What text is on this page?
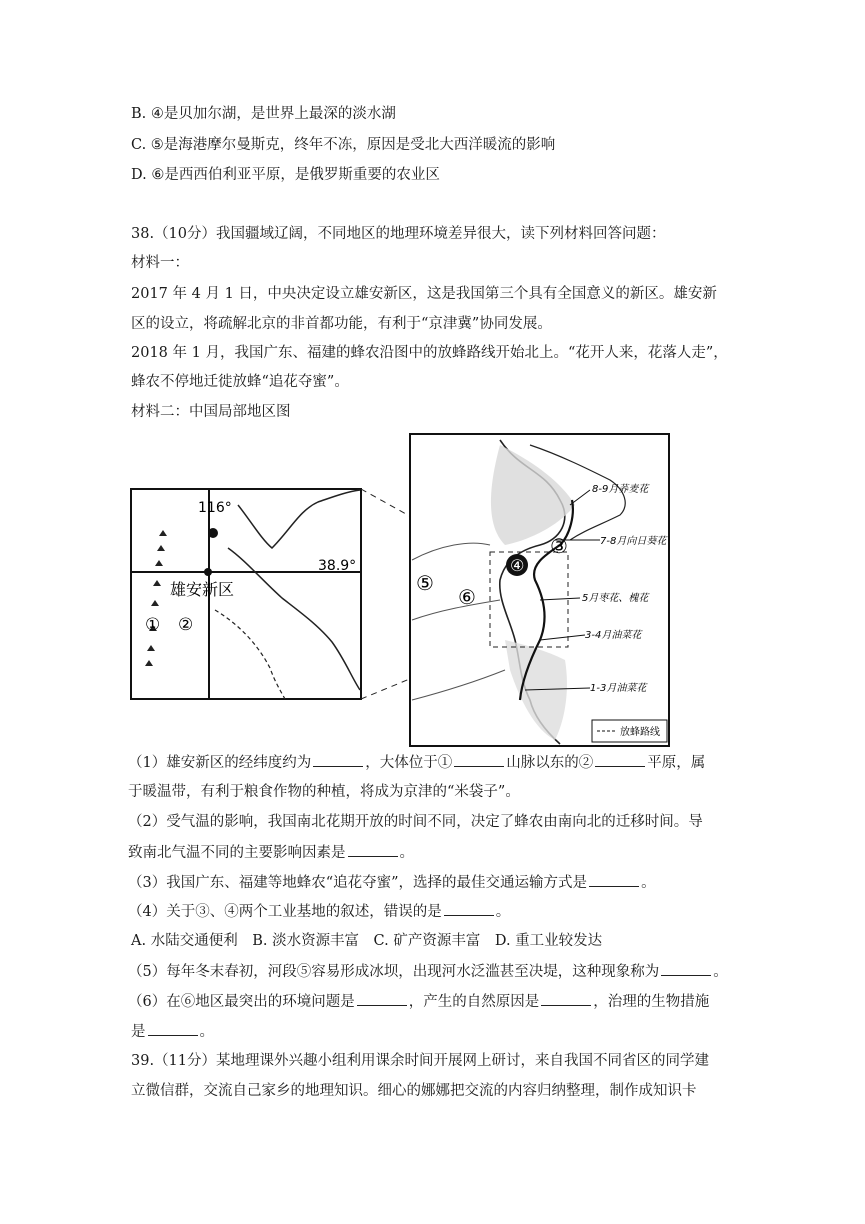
B. ④是贝加尔湖，是世界上最深的淡水湖
C. ⑤是海港摩尔曼斯克，终年不冻，原因是受北大西洋暖流的影响
D. ⑥是西西伯利亚平原，是俄罗斯重要的农业区
38.（10分）我国疆域辽阔，不同地区的地理环境差异很大，读下列材料回答问题：
材料一：
2017 年 4 月 1 日，中央决定设立雄安新区，这是我国第三个具有全国意义的新区。雄安新
区的设立，将疏解北京的非首都功能，有利于“京津冀”协同发展。
2018 年 1 月，我国广东、福建的蜂农沿图中的放蜂路线开始北上。“花开人来，花落人走”，
蜂农不停地迁徙放蜂“追花夺蜜”。
材料二：中国局部地区图
116°
38.9°
雄安新区
① ②
④
③
⑤
⑥
8-9月荞麦花
7-8月向日葵花
5月枣花、槐花
3-4月油菜花
1-3月油菜花
放蜂路线
（1）雄安新区的经纬度约为	，大体位于①	山脉以东的②	平原，属
于暖温带，有利于粮食作物的种植，将成为京津的“米袋子”。
（2）受气温的影响，我国南北花期开放的时间不同，决定了蜂农由南向北的迁移时间。导
致南北气温不同的主要影响因素是	。
（3）我国广东、福建等地蜂农“追花夺蜜”，选择的最佳交通运输方式是	。
（4）关于③、④两个工业基地的叙述，错误的是	。
A. 水陆交通便利　B. 淡水资源丰富　C. 矿产资源丰富　D. 重工业较发达
（5）每年冬末春初，河段⑤容易形成冰坝，出现河水泛滥甚至决堤，这种现象称为	。
（6）在⑥地区最突出的环境问题是	，产生的自然原因是	，治理的生物措施
是	。
39.（11分）某地理课外兴趣小组利用课余时间开展网上研讨，来自我国不同省区的同学建
立微信群，交流自己家乡的地理知识。细心的娜娜把交流的内容归纳整理，制作成知识卡
